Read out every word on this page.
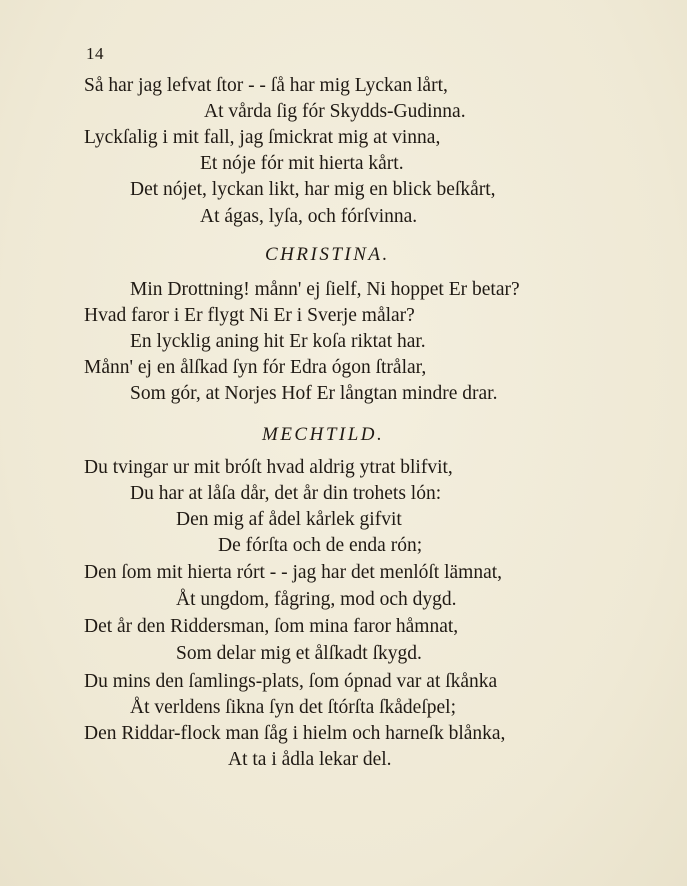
14
Så har jag lefvat ſtor - - ſå har mig Lyckan lårt,
At vårda ſig fór Skydds-Gudinna.
Lyckſalig i mit fall, jag ſmickrat mig at vinna,
Et nóje fór mit hierta kårt.
Det nójet, lyckan likt, har mig en blick beſkårt,
At ágas, lyſa, och fórſvinna.
CHRISTINA.
Min Drottning! månn' ej ſielf, Ni hoppet Er betar?
Hvad faror i Er flygt Ni Er i Sverje målar?
En lycklig aning hit Er koſa riktat har.
Månn' ej en ålſkad ſyn fór Edra ógon ſtrålar,
Som gór, at Norjes Hof Er långtan mindre drar.
MECHTILD.
Du tvingar ur mit bróſt hvad aldrig ytrat blifvit,
Du har at låſa dår, det år din trohets lón:
Den mig af ådel kårlek gifvit
De fórſta och de enda rón;
Den ſom mit hierta rórt - - jag har det menlóſt lämnat,
Åt ungdom, fågring, mod och dygd.
Det år den Riddersman, ſom mina faror håmnat,
Som delar mig et ålſkadt ſkygd.
Du mins den ſamlings-plats, ſom ópnad var at ſkånka
Åt verldens ſikna ſyn det ſtórſta ſkådeſpel;
Den Riddar-flock man ſåg i hielm och harneſk blånka,
At ta i ådla lekar del.
